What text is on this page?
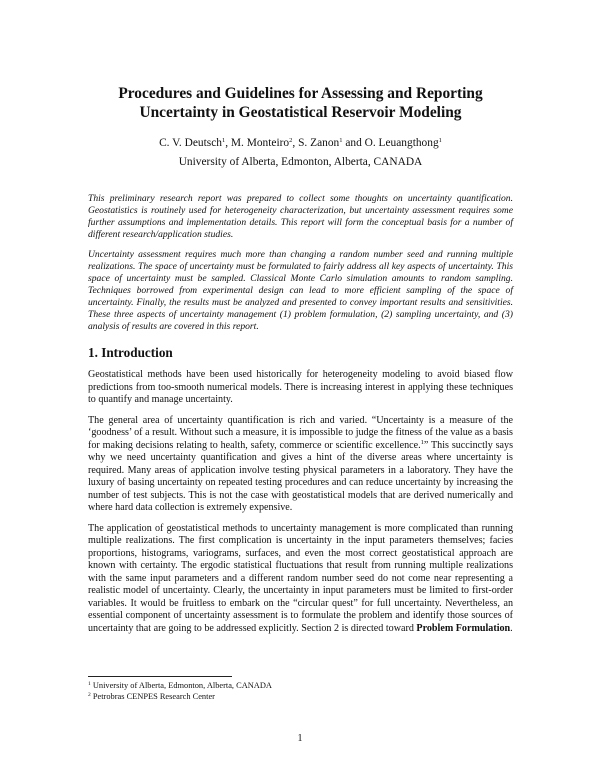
Procedures and Guidelines for Assessing and Reporting
Uncertainty in Geostatistical Reservoir Modeling
C. V. Deutsch$^1$, M. Monteiro$^2$, S. Zanon$^1$ and O. Leuangthong$^1$
University of Alberta, Edmonton, Alberta, CANADA

This preliminary research report was prepared to collect some thoughts on uncertainty quantification. Geostatistics is routinely used for heterogeneity characterization, but uncertainty assessment requires some further assumptions and implementation details. This report will form the conceptual basis for a number of different research/application studies.

Uncertainty assessment requires much more than changing a random number seed and running multiple realizations. The space of uncertainty must be formulated to fairly address all key aspects of uncertainty. This space of uncertainty must be sampled. Classical Monte Carlo simulation amounts to random sampling. Techniques borrowed from experimental design can lead to more efficient sampling of the space of uncertainty. Finally, the results must be analyzed and presented to convey important results and sensitivities. These three aspects of uncertainty management (1) problem formulation, (2) sampling uncertainty, and (3) analysis of results are covered in this report.

1. Introduction

Geostatistical methods have been used historically for heterogeneity modeling to avoid biased flow predictions from too-smooth numerical models. There is increasing interest in applying these techniques to quantify and manage uncertainty.

The general area of uncertainty quantification is rich and varied. “Uncertainty is a measure of the ‘goodness’ of a result. Without such a measure, it is impossible to judge the fitness of the value as a basis for making decisions relating to health, safety, commerce or scientific excellence.$^1$” This succinctly says why we need uncertainty quantification and gives a hint of the diverse areas where uncertainty is required. Many areas of application involve testing physical parameters in a laboratory. They have the luxury of basing uncertainty on repeated testing procedures and can reduce uncertainty by increasing the number of test subjects. This is not the case with geostatistical models that are derived numerically and where hard data collection is extremely expensive.

The application of geostatistical methods to uncertainty management is more complicated than running multiple realizations. The first complication is uncertainty in the input parameters themselves; facies proportions, histograms, variograms, surfaces, and even the most correct geostatistical approach are known with certainty. The ergodic statistical fluctuations that result from running multiple realizations with the same input parameters and a different random number seed do not come near representing a realistic model of uncertainty. Clearly, the uncertainty in input parameters must be limited to first-order variables. It would be fruitless to embark on the “circular quest” for full uncertainty. Nevertheless, an essential component of uncertainty assessment is to formulate the problem and identify those sources of uncertainty that are going to be addressed explicitly. Section 2 is directed toward Problem Formulation.

$^1$ University of Alberta, Edmonton, Alberta, CANADA
$^2$ Petrobras CENPES Research Center
1
